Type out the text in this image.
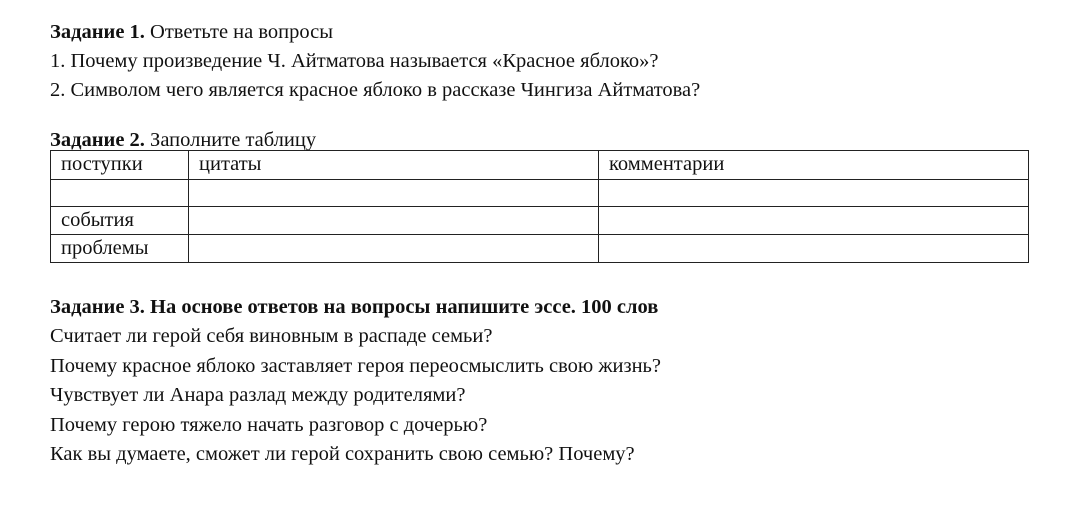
Задание 1. Ответьте на вопросы
1. Почему произведение Ч. Айтматова называется «Красное яблоко»?
2. Символом чего является красное яблоко в рассказе Чингиза Айтматова?
Задание 2. Заполните таблицу
поступки	цитаты	комментарии

события		
проблемы		
Задание 3. На основе ответов на вопросы напишите эссе. 100 слов
Считает ли герой себя виновным в распаде семьи?
Почему красное яблоко заставляет героя переосмыслить свою жизнь?
Чувствует ли Анара разлад между родителями?
Почему герою тяжело начать разговор с дочерью?
Как вы думаете, сможет ли герой сохранить свою семью? Почему?
